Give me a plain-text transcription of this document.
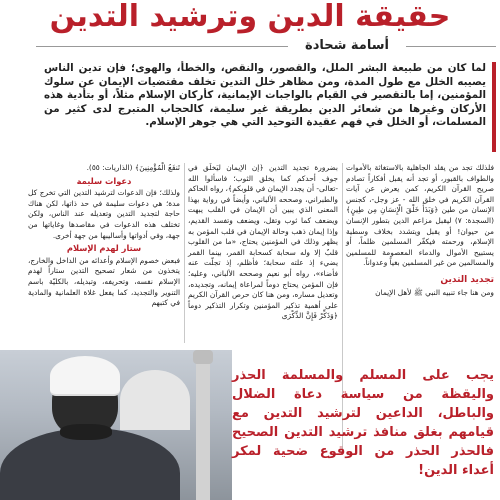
حقيقة الدين وترشيد التدين
أسامة شحادة
لما كان من طبيعة البشر الملل، والقصور، والنقص، والخطأ، والهوى؛ فإن تدين الناس يصيبه الخلل مع طول المدة، ومن مظاهر خلل التدين تخلف مقتضيات الإيمان عن سلوك المؤمنين، إما بالتقصير في القيام بالواجبات الإيمانية، كأركان الإسلام مثلاً، أو بتأدية هذه الأركان وغيرها من شعائر الدين بطريقة غير سليمة، كالحجاب المتبرج لدى كثير من المسلمات، أو الخلل في فهم عقيدة التوحيد التي هي جوهر الإسلام.

فلذلك تجد من يقلد الجاهلية بالاستغاثة بالأموات والطواف بالقبور، أو تجد أنه يقبل أفكاراً تصادم صريح القرآن الكريم، كمن يعرض عن آيات القرآن الكريم في خلق الله - عز وجل-، كجنس الإنسان من طين ﴿وَبَدَأَ خَلْقَ الْإِنسَانِ مِن طِينٍ﴾ (السجدة: ٧) ليقبل مزاعم الدين بتطور الإنسان من حيوان! أو يقبل ويتشدد بخلاف وسطية الإسلام، ورحمته فيكفّر المسلمين ظلماً، أو يستبيح الأموال والدماء المعصومة للمسلمين والمسالمين من غير المسلمين بغياً وعدواناً.

تجديد التدين

ومن هنا جاء تنبيه النبي ﷺ لأهل الإيمان

بضرورة تجديد التدين ﴿إن الإيمان ليَخلَق في جوف أحدكم كما يخلق الثوب؛ فاسألوا الله -تعالى- أن يجدد الإيمان في قلوبكم﴾، رواه الحاكم والطبراني، وصححه الألباني، وأيضاً في رواية بهذا المعنى الذي يبين أن الإيمان في القلب يبهت ويضعف كما ثوب وتقل، ويضعف وتفسد القديم، وإذا إيمان ذهب وحالة الإيمان في قلب المؤمن به يظهر وذلك في المؤمنين يحتاج، «ما من القلوب قلبٌ إلا وله سحابة كسحابة القمر، بينما القمر يضيء إذ علته سحابة؛ فأظلم، إذ تجلّت عنه فأضاء»، رواه أبو نعيم وصححه الألباني، وعليه؛ فإن المؤمن يحتاج دوماً لمراعاة إيمانه، وتجديده، وتعديل مساره، ومن هنا كان حرص القرآن الكريم على أهمية تذكير المؤمنين وتكرار التذكير دوماً ﴿وَذَكِّرْ فَإِنَّ الذِّكْرَى

تَنفَعُ الْمُؤْمِنِينَ﴾ (الذاريات: ٥٥).

دعوات سليمة

ولذلك؛ فإن الدعوات لترشيد التدين التي تخرج كل مدة؛ هي دعوات سليمة في حد ذاتها، لكن هناك حاجة لتجديد التدين وتعديله عند الناس، ولكن تختلف هذه الدعوات في مقاصدها وغاياتها من جهة، وفي أدواتها وأساليبها من جهة أخرى.

ستار لهدم الإسلام

فبعض خصوم الإسلام وأعدائه من الداخل والخارج، يتخذون من شعار تصحيح التدين ستاراً لهدم الإسلام نفسه، وتحريفه، وتبديله، بالكليّة باسم التنوير والتجديد، كما يفعل غلاة العلمانية والمادية في كتبهم

يجب على المسلم والمسلمة الحذر واليقظة من سياسة دعاة الضلال والباطل، الداعين لترشيد التدين مع قيامهم بغلق منافذ ترشيد التدين الصحيح فالحذر الحذر من الوقوع ضحية لمكر أعداء الدين!
